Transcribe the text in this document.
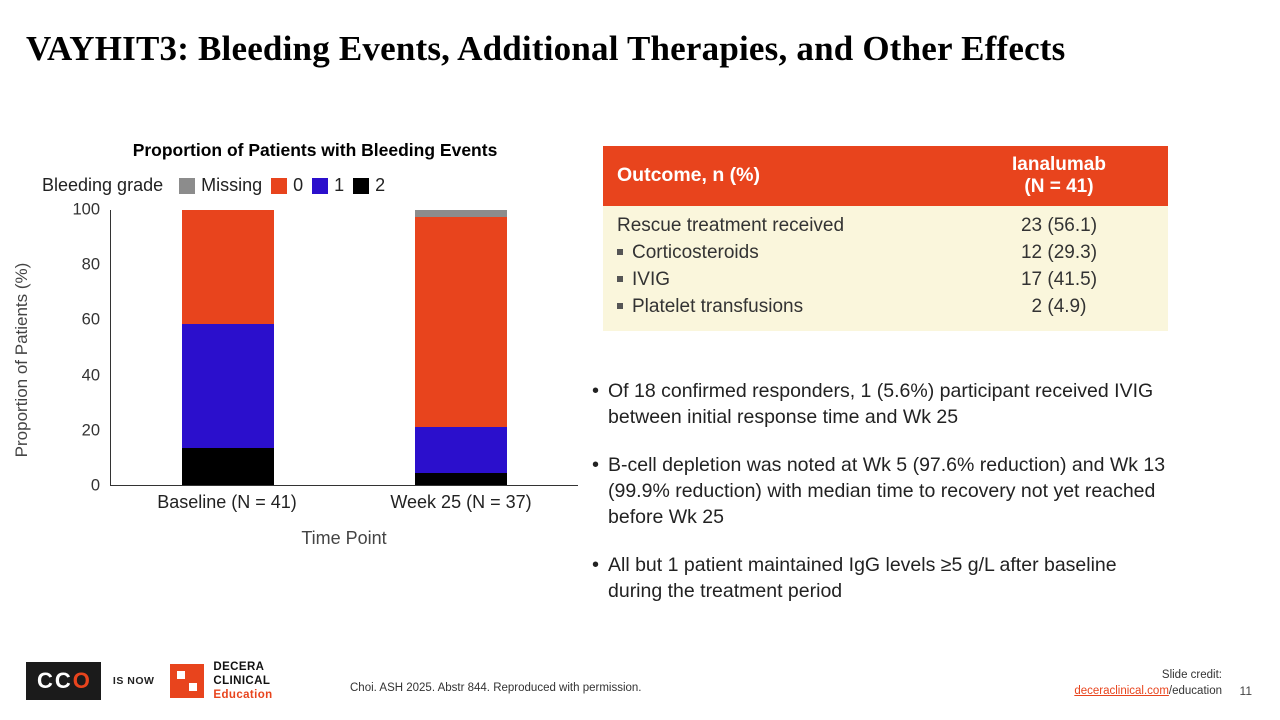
VAYHIT3: Bleeding Events, Additional Therapies, and Other Effects
Proportion of Patients with Bleeding Events
Bleeding grade Missing 0 1 2
Proportion of Patients (%)
100
80
60
40
20
0
Baseline (N = 41)	Week 25 (N = 37)
Time Point
Outcome, n (%)	Ianalumab
(N = 41)
Rescue treatment received	23 (56.1)
Corticosteroids	12 (29.3)
IVIG	17 (41.5)
Platelet transfusions	2 (4.9)
• Of 18 confirmed responders, 1 (5.6%) participant received IVIG between initial response time and Wk 25
• B-cell depletion was noted at Wk 5 (97.6% reduction) and Wk 13 (99.9% reduction) with median time to recovery not yet reached before Wk 25
• All but 1 patient maintained IgG levels ≥5 g/L after baseline during the treatment period
C C O IS NOW
DECERA
CLINICAL
Education
Choi. ASH 2025. Abstr 844. Reproduced with permission.
Slide credit:
deceraclinical.com/education 11
